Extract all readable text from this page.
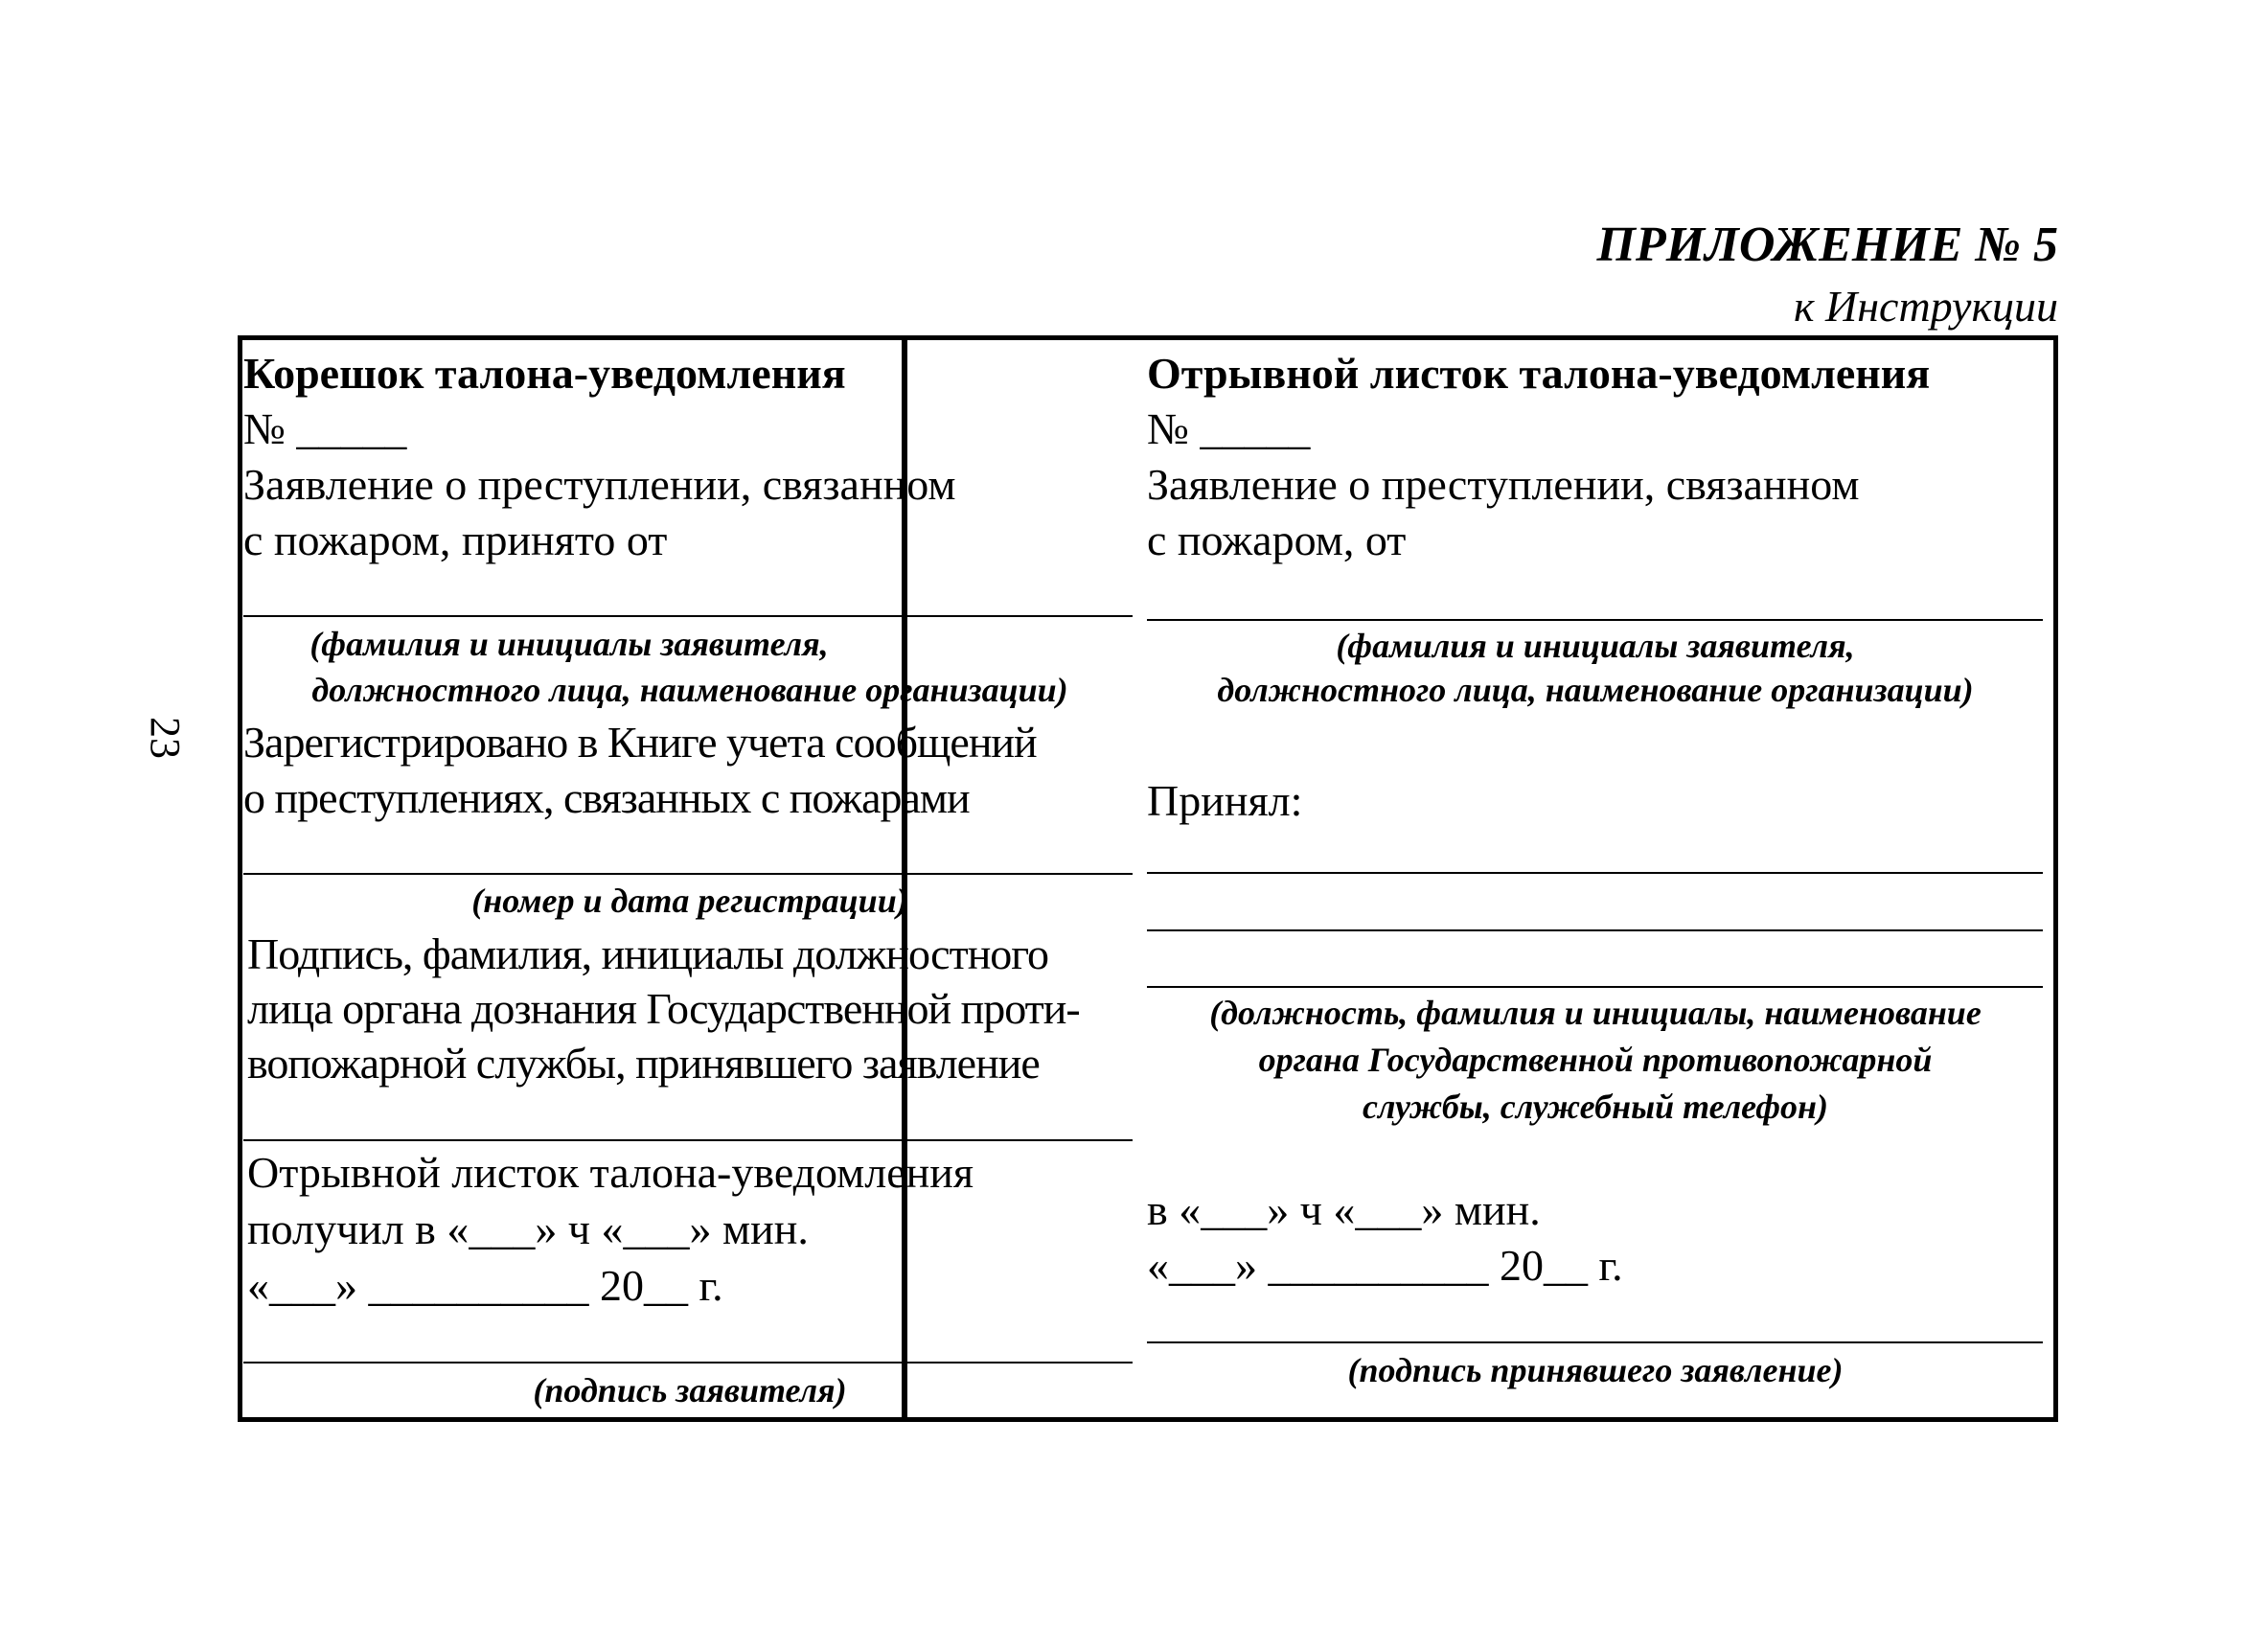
23
ПРИЛОЖЕНИЕ № 5
к Инструкции
Корешок талона-уведомления
№ _____
Заявление о преступлении, связанном
с пожаром, принято от
(фамилия и инициалы заявителя,
должностного лица, наименование организации)
Зарегистрировано в Книге учета сообщений
о преступлениях, связанных с пожарами
(номер и дата регистрации)
Подпись, фамилия, инициалы должностного
лица органа дознания Государственной проти-
вопожарной службы, принявшего заявление
Отрывной листок талона-уведомления
получил в «___» ч «___» мин.
«___» __________ 20__ г.
(подпись заявителя)
Отрывной листок талона-уведомления
№ _____
Заявление о преступлении, связанном
с пожаром, от
(фамилия и инициалы заявителя,
должностного лица, наименование организации)
Принял:
(должность, фамилия и инициалы, наименование
органа Государственной противопожарной
службы, служебный телефон)
в «___» ч «___» мин.
«___» __________ 20__ г.
(подпись принявшего заявление)
